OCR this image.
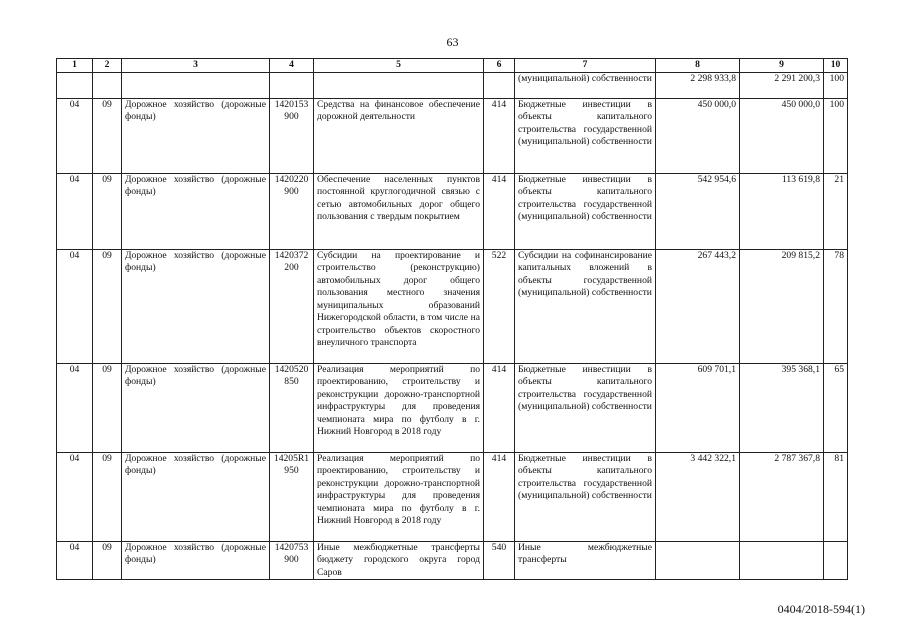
63
1	2	3	4	5	6	7	8	9	10
						(муниципальной) собственности	2 298 933,8	2 291 200,3	100
04	09	Дорожное хозяйство (дорожные фонды)	1420153 900	Средства на финансовое обеспечение дорожной деятельности	414	Бюджетные инвестиции в объекты капитального строительства государственной (муниципальной) собственности	450 000,0	450 000,0	100
04	09	Дорожное хозяйство (дорожные фонды)	1420220 900	Обеспечение населенных пунктов постоянной круглогодичной связью с сетью автомобильных дорог общего пользования с твердым покрытием	414	Бюджетные инвестиции в объекты капитального строительства государственной (муниципальной) собственности	542 954,6	113 619,8	21
04	09	Дорожное хозяйство (дорожные фонды)	1420372 200	Субсидии на проектирование и строительство (реконструкцию) автомобильных дорог общего пользования местного значения муниципальных образований Нижегородской области, в том числе на строительство объектов скоростного внеуличного транспорта	522	Субсидии на софинансирование капитальных вложений в объекты государственной (муниципальной) собственности	267 443,2	209 815,2	78
04	09	Дорожное хозяйство (дорожные фонды)	1420520 850	Реализация мероприятий по проектированию, строительству и реконструкции дорожно-транспортной инфраструктуры для проведения чемпионата мира по футболу в г. Нижний Новгород в 2018 году	414	Бюджетные инвестиции в объекты капитального строительства государственной (муниципальной) собственности	609 701,1	395 368,1	65
04	09	Дорожное хозяйство (дорожные фонды)	14205R1 950	Реализация мероприятий по проектированию, строительству и реконструкции дорожно-транспортной инфраструктуры для проведения чемпионата мира по футболу в г. Нижний Новгород в 2018 году	414	Бюджетные инвестиции в объекты капитального строительства государственной (муниципальной) собственности	3 442 322,1	2 787 367,8	81
04	09	Дорожное хозяйство (дорожные фонды)	1420753 900	Иные межбюджетные трансферты бюджету городского округа город Саров	540	Иные межбюджетные трансферты			
0404/2018-594(1)
